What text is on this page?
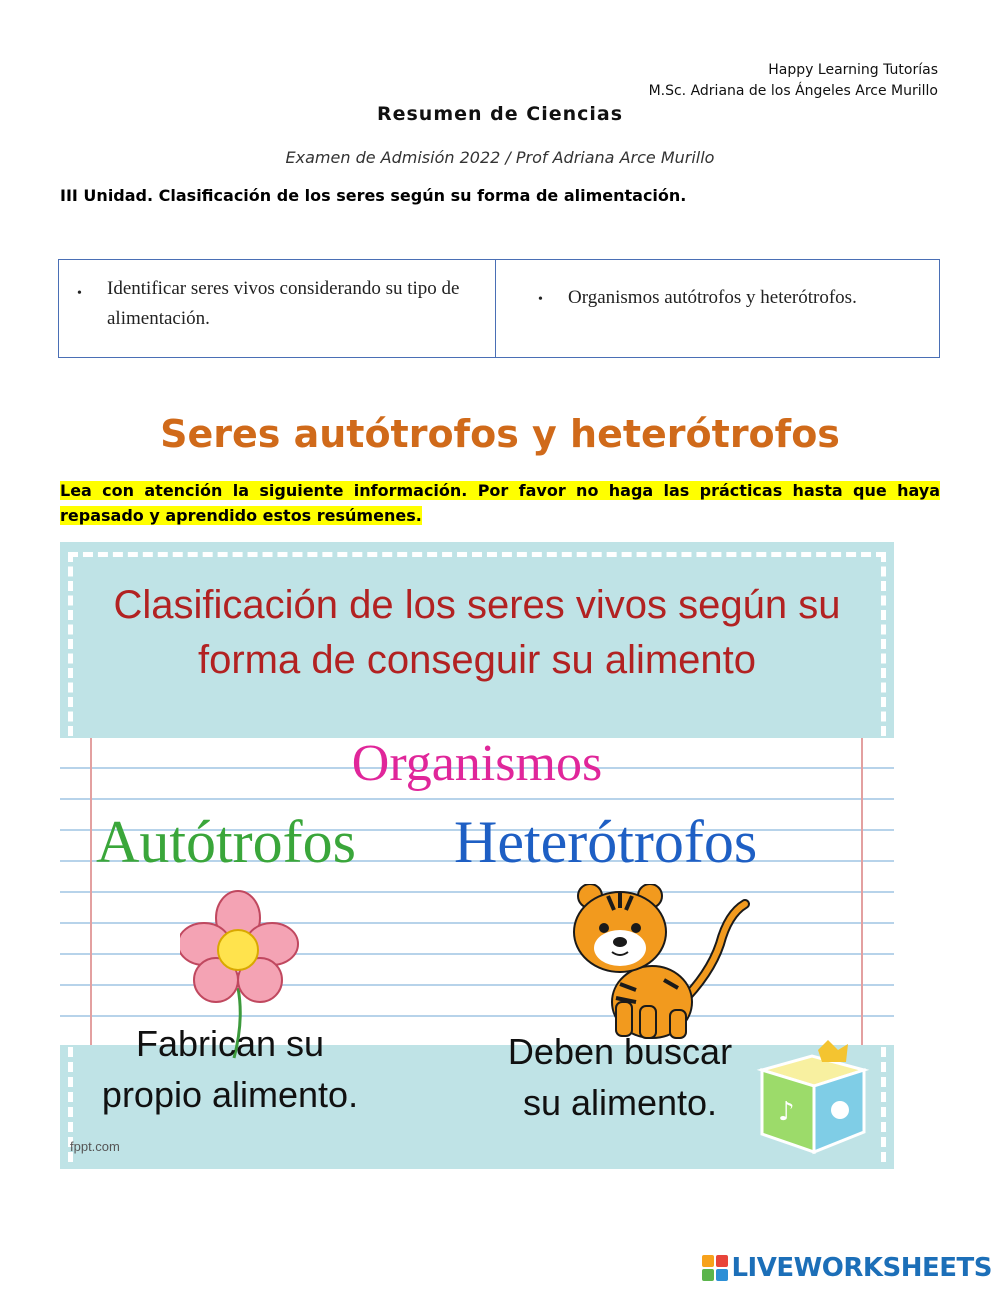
Happy Learning Tutorías
M.Sc. Adriana de los Ángeles Arce Murillo
Resumen de Ciencias
Examen de Admisión 2022 / Prof Adriana Arce Murillo
III Unidad. Clasificación de los seres según su forma de alimentación.
• Identificar seres vivos considerando su tipo de alimentación.
• Organismos autótrofos y heterótrofos.
Seres autótrofos y heterótrofos
Lea con atención la siguiente información. Por favor no haga las prácticas hasta que haya repasado y aprendido estos resúmenes.
Clasificación de los seres vivos según su forma de conseguir su alimento
Organismos
Autótrofos Heterótrofos
Fabrican su propio alimento.
Deben buscar su alimento.	♪
fppt.com
LIVEWORKSHEETS
